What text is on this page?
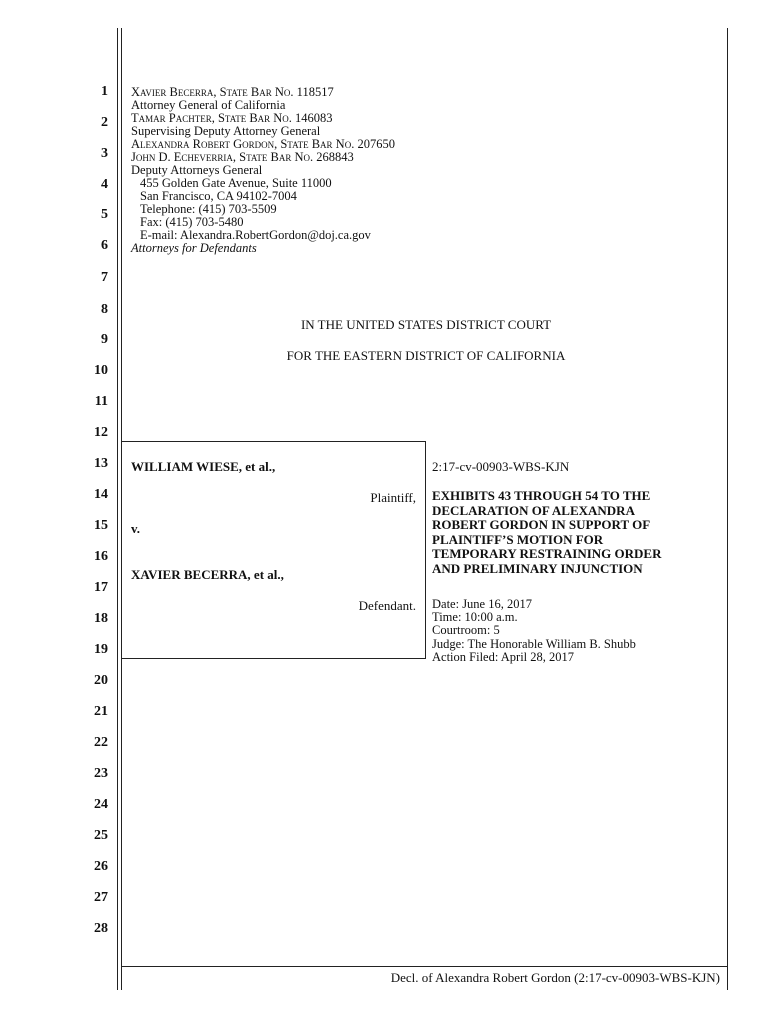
1
2
3
4
5
6
7
8
9
10
11
12
13
14
15
16
17
18
19
20
21
22
23
24
25
26
27
28
Xavier Becerra, State Bar No. 118517
Attorney General of California
Tamar Pachter, State Bar No. 146083
Supervising Deputy Attorney General
Alexandra Robert Gordon, State Bar No. 207650
John D. Echeverria, State Bar No. 268843
Deputy Attorneys General
455 Golden Gate Avenue, Suite 11000
San Francisco, CA 94102-7004
Telephone: (415) 703-5509
Fax: (415) 703-5480
E-mail: Alexandra.RobertGordon@doj.ca.gov
Attorneys for Defendants
IN THE UNITED STATES DISTRICT COURT
FOR THE EASTERN DISTRICT OF CALIFORNIA
WILLIAM WIESE, et al.,
Plaintiff,
v.
XAVIER BECERRA, et al.,
Defendant.
2:17-cv-00903-WBS-KJN
EXHIBITS 43 THROUGH 54 TO THE
DECLARATION OF ALEXANDRA
ROBERT GORDON IN SUPPORT OF
PLAINTIFF’S MOTION FOR
TEMPORARY RESTRAINING ORDER
AND PRELIMINARY INJUNCTION
Date: June 16, 2017
Time: 10:00 a.m.
Courtroom: 5
Judge: The Honorable William B. Shubb
Action Filed: April 28, 2017
Decl. of Alexandra Robert Gordon (2:17-cv-00903-WBS-KJN)
